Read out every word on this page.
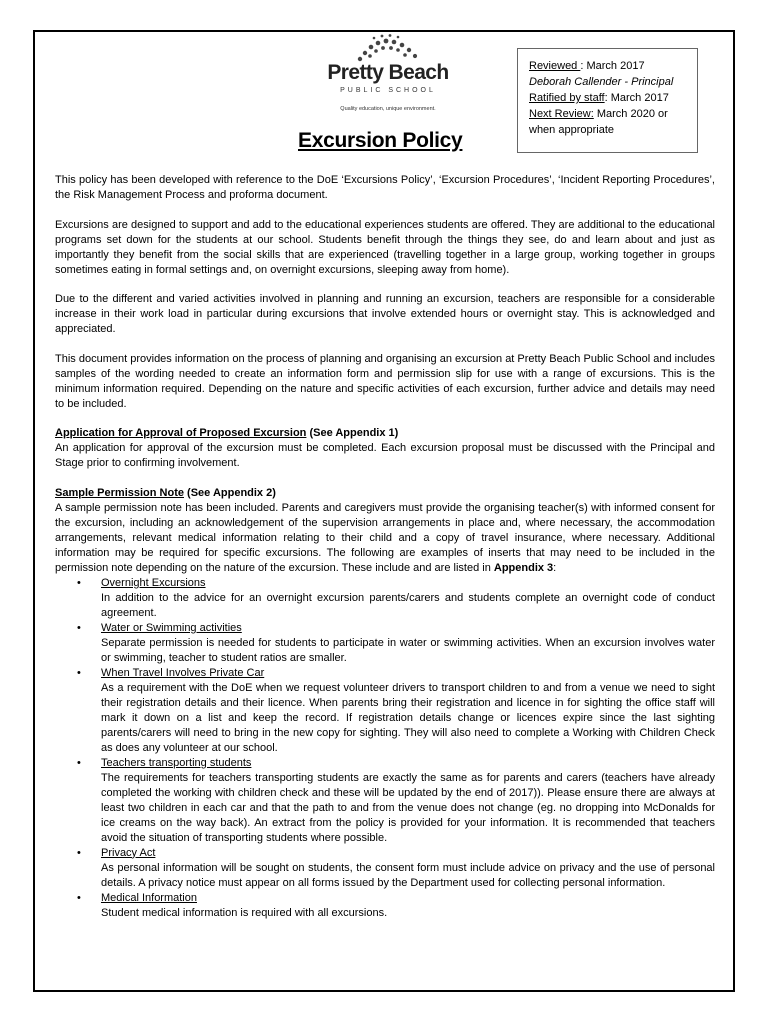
Pretty Beach
PUBLIC SCHOOL
Quality education, unique environment.
Reviewed : March 2017
Deborah Callender - Principal
Ratified by staff: March 2017
Next Review: March 2020 or
when appropriate
Excursion Policy

This policy has been developed with reference to the DoE ‘Excursions Policy’, ‘Excursion Procedures’, ‘Incident Reporting Procedures’, the Risk Management Process and proforma document.

Excursions are designed to support and add to the educational experiences students are offered. They are additional to the educational programs set down for the students at our school. Students benefit through the things they see, do and learn about and just as importantly they benefit from the social skills that are experienced (travelling together in a large group, working together in groups sometimes eating in formal settings and, on overnight excursions, sleeping away from home).

Due to the different and varied activities involved in planning and running an excursion, teachers are responsible for a considerable increase in their work load in particular during excursions that involve extended hours or overnight stay. This is acknowledged and appreciated.

This document provides information on the process of planning and organising an excursion at Pretty Beach Public School and includes samples of the wording needed to create an information form and permission slip for use with a range of excursions. This is the minimum information required. Depending on the nature and specific activities of each excursion, further advice and details may need to be included.

Application for Approval of Proposed Excursion (See Appendix 1)
An application for approval of the excursion must be completed. Each excursion proposal must be discussed with the Principal and Stage prior to confirming involvement.

Sample Permission Note (See Appendix 2)
A sample permission note has been included. Parents and caregivers must provide the organising teacher(s) with informed consent for the excursion, including an acknowledgement of the supervision arrangements in place and, where necessary, the accommodation arrangements, relevant medical information relating to their child and a copy of travel insurance, where necessary. Additional information may be required for specific excursions. The following are examples of inserts that may need to be included in the permission note depending on the nature of the excursion. These include and are listed in Appendix 3:
• Overnight Excursions
In addition to the advice for an overnight excursion parents/carers and students complete an overnight code of conduct agreement.
• Water or Swimming activities
Separate permission is needed for students to participate in water or swimming activities. When an excursion involves water or swimming, teacher to student ratios are smaller.
• When Travel Involves Private Car
As a requirement with the DoE when we request volunteer drivers to transport children to and from a venue we need to sight their registration details and their licence. When parents bring their registration and licence in for sighting the office staff will mark it down on a list and keep the record. If registration details change or licences expire since the last sighting parents/carers will need to bring in the new copy for sighting. They will also need to complete a Working with Children Check as does any volunteer at our school.
• Teachers transporting students
The requirements for teachers transporting students are exactly the same as for parents and carers (teachers have already completed the working with children check and these will be updated by the end of 2017)). Please ensure there are always at least two children in each car and that the path to and from the venue does not change (eg. no dropping into McDonalds for ice creams on the way back). An extract from the policy is provided for your information. It is recommended that teachers avoid the situation of transporting students where possible.
• Privacy Act
As personal information will be sought on students, the consent form must include advice on privacy and the use of personal details. A privacy notice must appear on all forms issued by the Department used for collecting personal information.
• Medical Information
Student medical information is required with all excursions.
